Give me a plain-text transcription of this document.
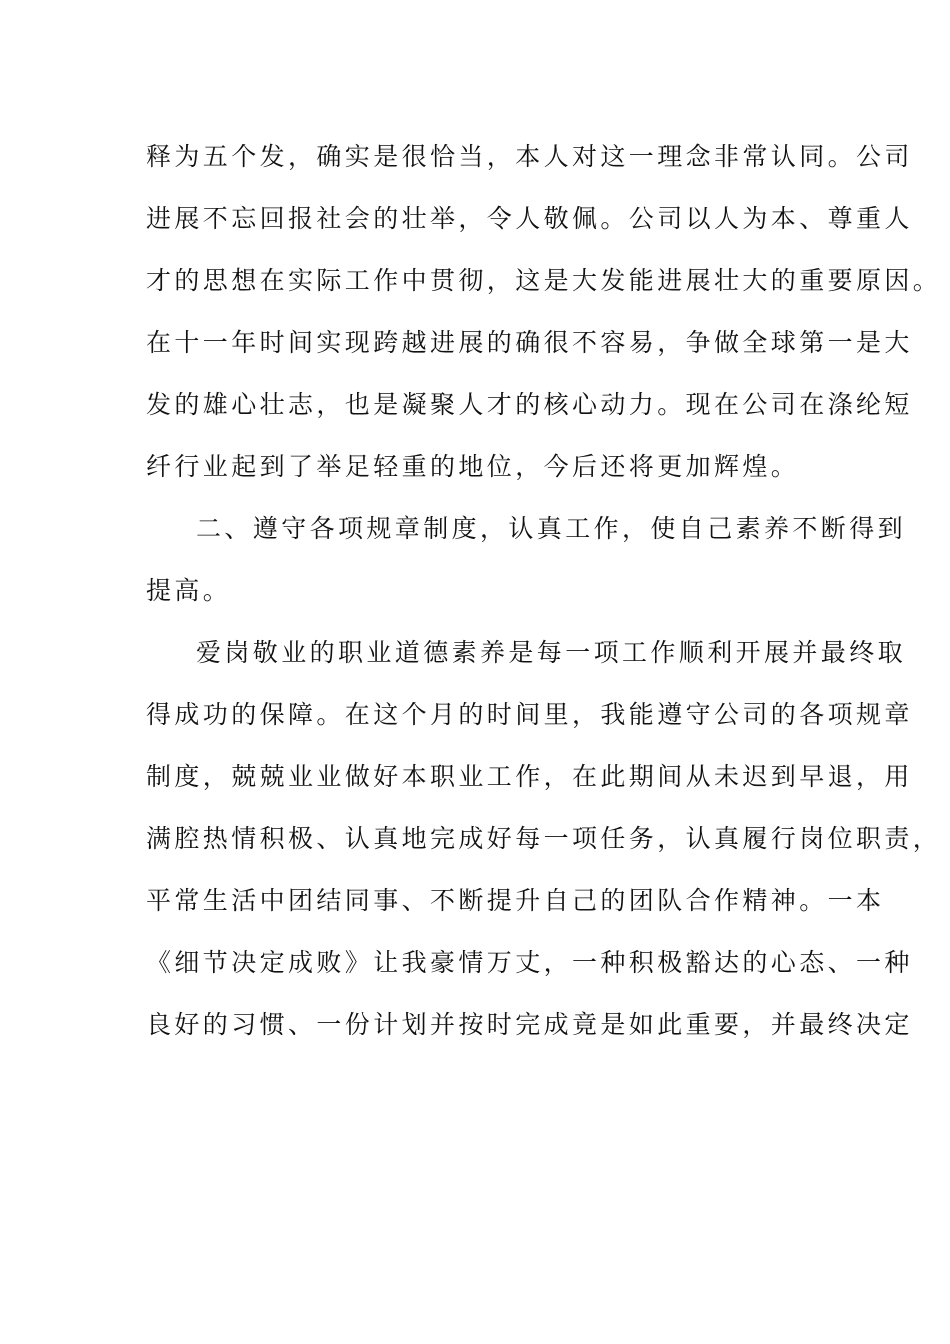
释为五个发，确实是很恰当，本人对这一理念非常认同。公司
进展不忘回报社会的壮举，令人敬佩。公司以人为本、尊重人
才的思想在实际工作中贯彻，这是大发能进展壮大的重要原因。
在十一年时间实现跨越进展的确很不容易，争做全球第一是大
发的雄心壮志，也是凝聚人才的核心动力。现在公司在涤纶短
纤行业起到了举足轻重的地位，今后还将更加辉煌。
二、遵守各项规章制度，认真工作，使自己素养不断得到
提高。
爱岗敬业的职业道德素养是每一项工作顺利开展并最终取
得成功的保障。在这个月的时间里，我能遵守公司的各项规章
制度，兢兢业业做好本职业工作，在此期间从未迟到早退，用
满腔热情积极、认真地完成好每一项任务，认真履行岗位职责，
平常生活中团结同事、不断提升自己的团队合作精神。一本
《细节决定成败》让我豪情万丈，一种积极豁达的心态、一种
良好的习惯、一份计划并按时完成竟是如此重要，并最终决定
